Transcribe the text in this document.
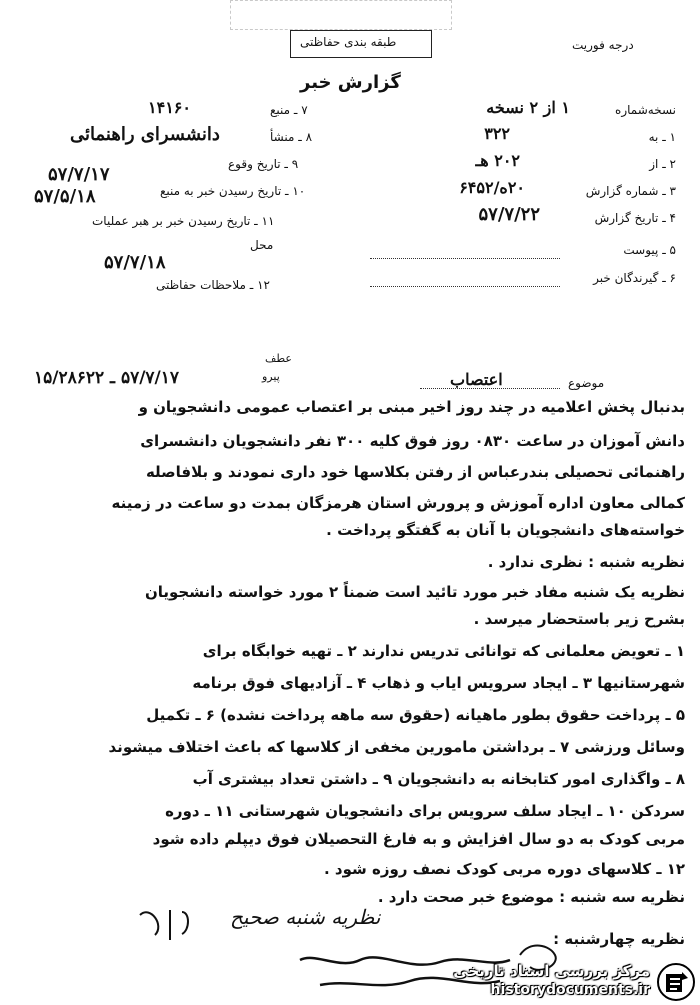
طبقه بندی حفاظتی	درجه فوریت
گزارش خبر
نسخه‌شماره
۱ از ۲ نسخه
۱ ـ به
۳۲۲
۲ ـ از
۲۰۲ هـ
۳ ـ شماره گزارش
۲۰ه/۶۴۵۲
۴ ـ تاریخ گزارش
۵۷/۷/۲۲
۵ ـ پیوست
۶ ـ گیرندگان خبر
۷ ـ منبع
۱۴۱۶۰
۸ ـ منشأ
دانشسرای راهنمائی
۹ ـ تاریخ وقوع
۵۷/۷/۱۷
۱۰ ـ تاریخ رسیدن خبر به منبع
۵۷/۵/۱۸
۱۱ ـ تاریخ رسیدن خبر بر هبر عملیات
محل
۵۷/۷/۱۸
۱۲ ـ ملاحظات حفاظتی
موضوع
اعتصاب
عطف
پیرو
۵۷/۷/۱۷ ـ ۱۵/۲۸۶۲۲
بدنبال پخش اعلامیه در چند روز اخیر مبنی بر اعتصاب عمومی دانشجویان و
دانش آموزان در ساعت ۰۸۳۰ روز فوق کلیه ۳۰۰ نفر دانشجویان دانشسرای
راهنمائی تحصیلی بندرعباس از رفتن بکلاسها خود داری نمودند و بلافاصله
کمالی معاون اداره آموزش و پرورش استان هرمزگان بمدت دو ساعت در زمینه
خواسته‌های دانشجویان با آنان به گفتگو پرداخت .
نظریه شنبه : نظری ندارد .
نظریه یک شنبه مفاد خبر مورد تائید است ضمناً ۲ مورد خواسته دانشجویان
بشرح زیر باستحضار میرسد .
۱ ـ تعویض معلمانی که توانائی تدریس ندارند ۲ ـ تهیه خوابگاه برای
شهرستانیها ۳ ـ ایجاد سرویس ایاب و ذهاب ۴ ـ آزادیهای فوق برنامه
۵ ـ پرداخت حقوق بطور ماهیانه (حقوق سه ماهه پرداخت نشده) ۶ ـ تکمیل
وسائل ورزشی ۷ ـ برداشتن مامورین مخفی از کلاسها که باعث اختلاف میشوند
۸ ـ واگذاری امور کتابخانه به دانشجویان ۹ ـ داشتن تعداد بیشتری آب
سردکن ۱۰ ـ ایجاد سلف سرویس برای دانشجویان شهرستانی ۱۱ ـ دوره
مربی کودک به دو سال افزایش و به فارغ التحصیلان فوق دیپلم داده شود
۱۲ ـ کلاسهای دوره مربی کودک نصف روزه شود .
نظریه سه شنبه : موضوع خبر صحت دارد .
نظریه چهارشنبه :
نظریه شنبه صحیح
مرکز بررسی اسناد تاریخی
historydocuments.ir
